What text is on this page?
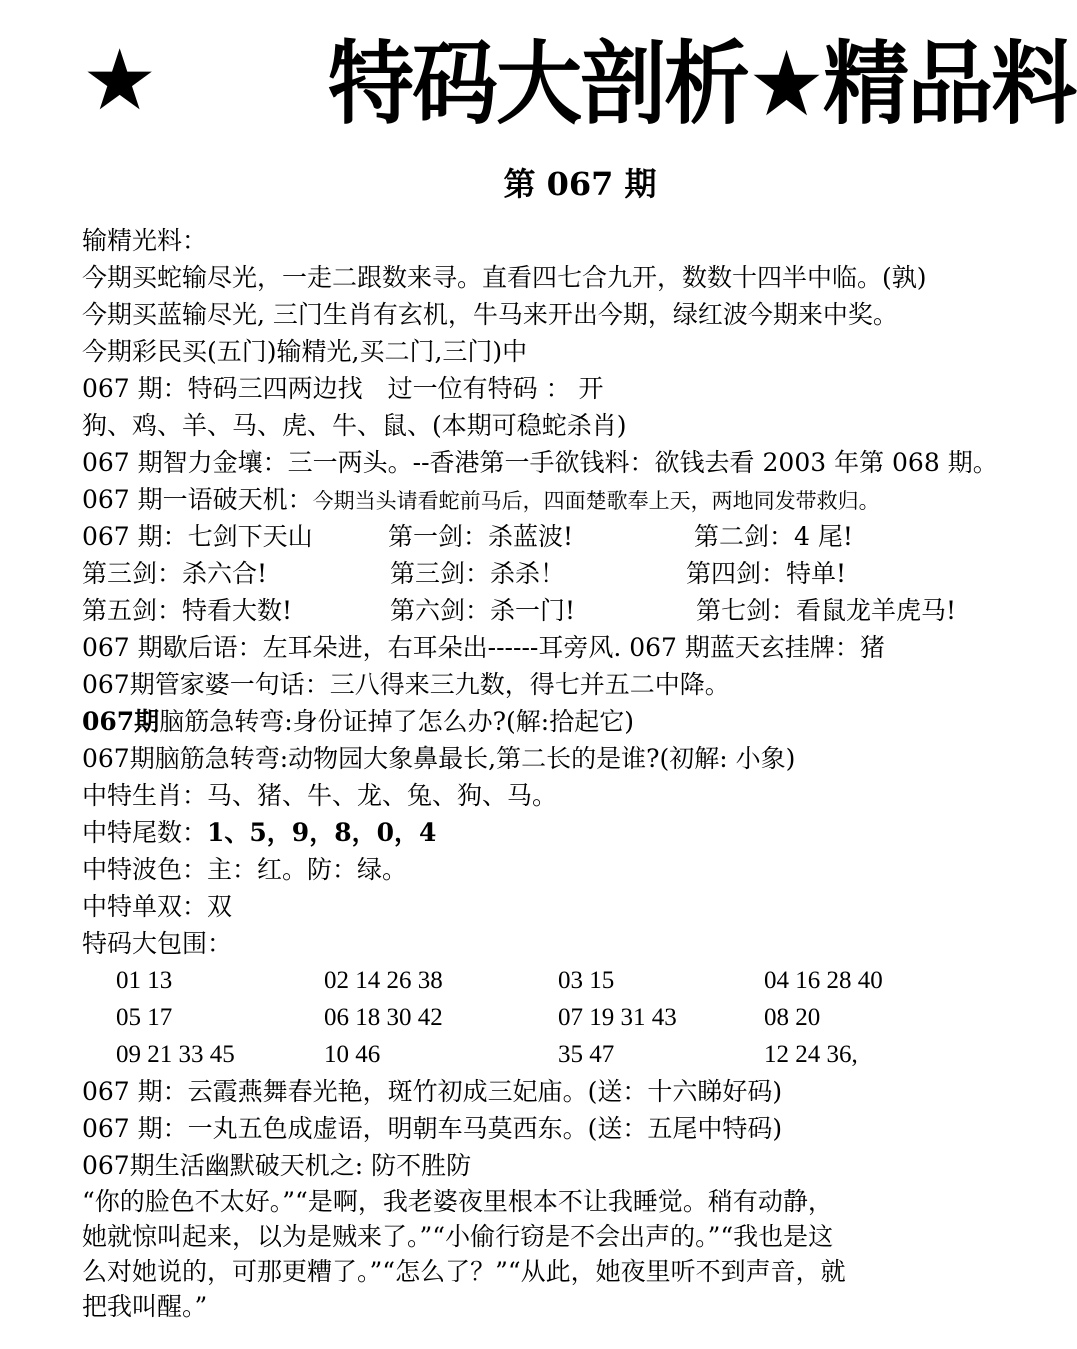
★ 特码大剖析★精品料
第 067 期
输精光料：
今期买蛇输尽光，一走二跟数来寻。直看四七合九开，数数十四半中临。(孰)
今期买蓝输尽光, 三门生肖有玄机，牛马来开出今期，绿红波今期来中奖。
今期彩民买(五门)输精光,买二门,三门)中
067 期：特码三四两边找　过一位有特码 ： 开
狗、鸡、羊、马、虎、牛、鼠、(本期可稳蛇杀肖)
067 期智力金壤：三一两头。--香港第一手欲钱料：欲钱去看 2003 年第 068 期。
067 期一语破天机：今期当头请看蛇前马后，四面楚歌奉上天，两地同发带救归。
067 期：七剑下天山	第一剑：杀蓝波!	第二剑：4 尾!
第三剑：杀六合!	第三剑：杀杀！	第四剑：特单!
第五剑：特看大数!	第六剑：杀一门!	第七剑：看鼠龙羊虎马!
067 期歇后语：左耳朵进，右耳朵出------耳旁风. 067 期蓝天玄挂牌：猪
067期管家婆一句话：三八得来三九数，得七并五二中降。
067期脑筋急转弯:身份证掉了怎么办?(解:拾起它)
067期脑筋急转弯:动物园大象鼻最长,第二长的是谁?(初解: 小象)
中特生肖：马、猪、牛、龙、兔、狗、马。
中特尾数：1、5，9，8，0，4
中特波色：主：红。防：绿。
中特单双：双
特码大包围：
01 13	02 14 26 38	03 15	04 16 28 40
05 17	06 18 30 42	07 19 31 43	08 20
09 21 33 45	10 46	35 47	12 24 36,
067 期：云霞燕舞春光艳，斑竹初成三妃庙。(送：十六睇好码)
067 期：一丸五色成虚语，明朝车马莫西东。(送：五尾中特码)
067期生活幽默破天机之: 防不胜防

“你的脸色不太好。”“是啊，我老婆夜里根本不让我睡觉。稍有动静，

她就惊叫起来，以为是贼来了。”“小偷行窃是不会出声的。”“我也是这

么对她说的，可那更糟了。”“怎么了？”“从此，她夜里听不到声音，就

把我叫醒。”
